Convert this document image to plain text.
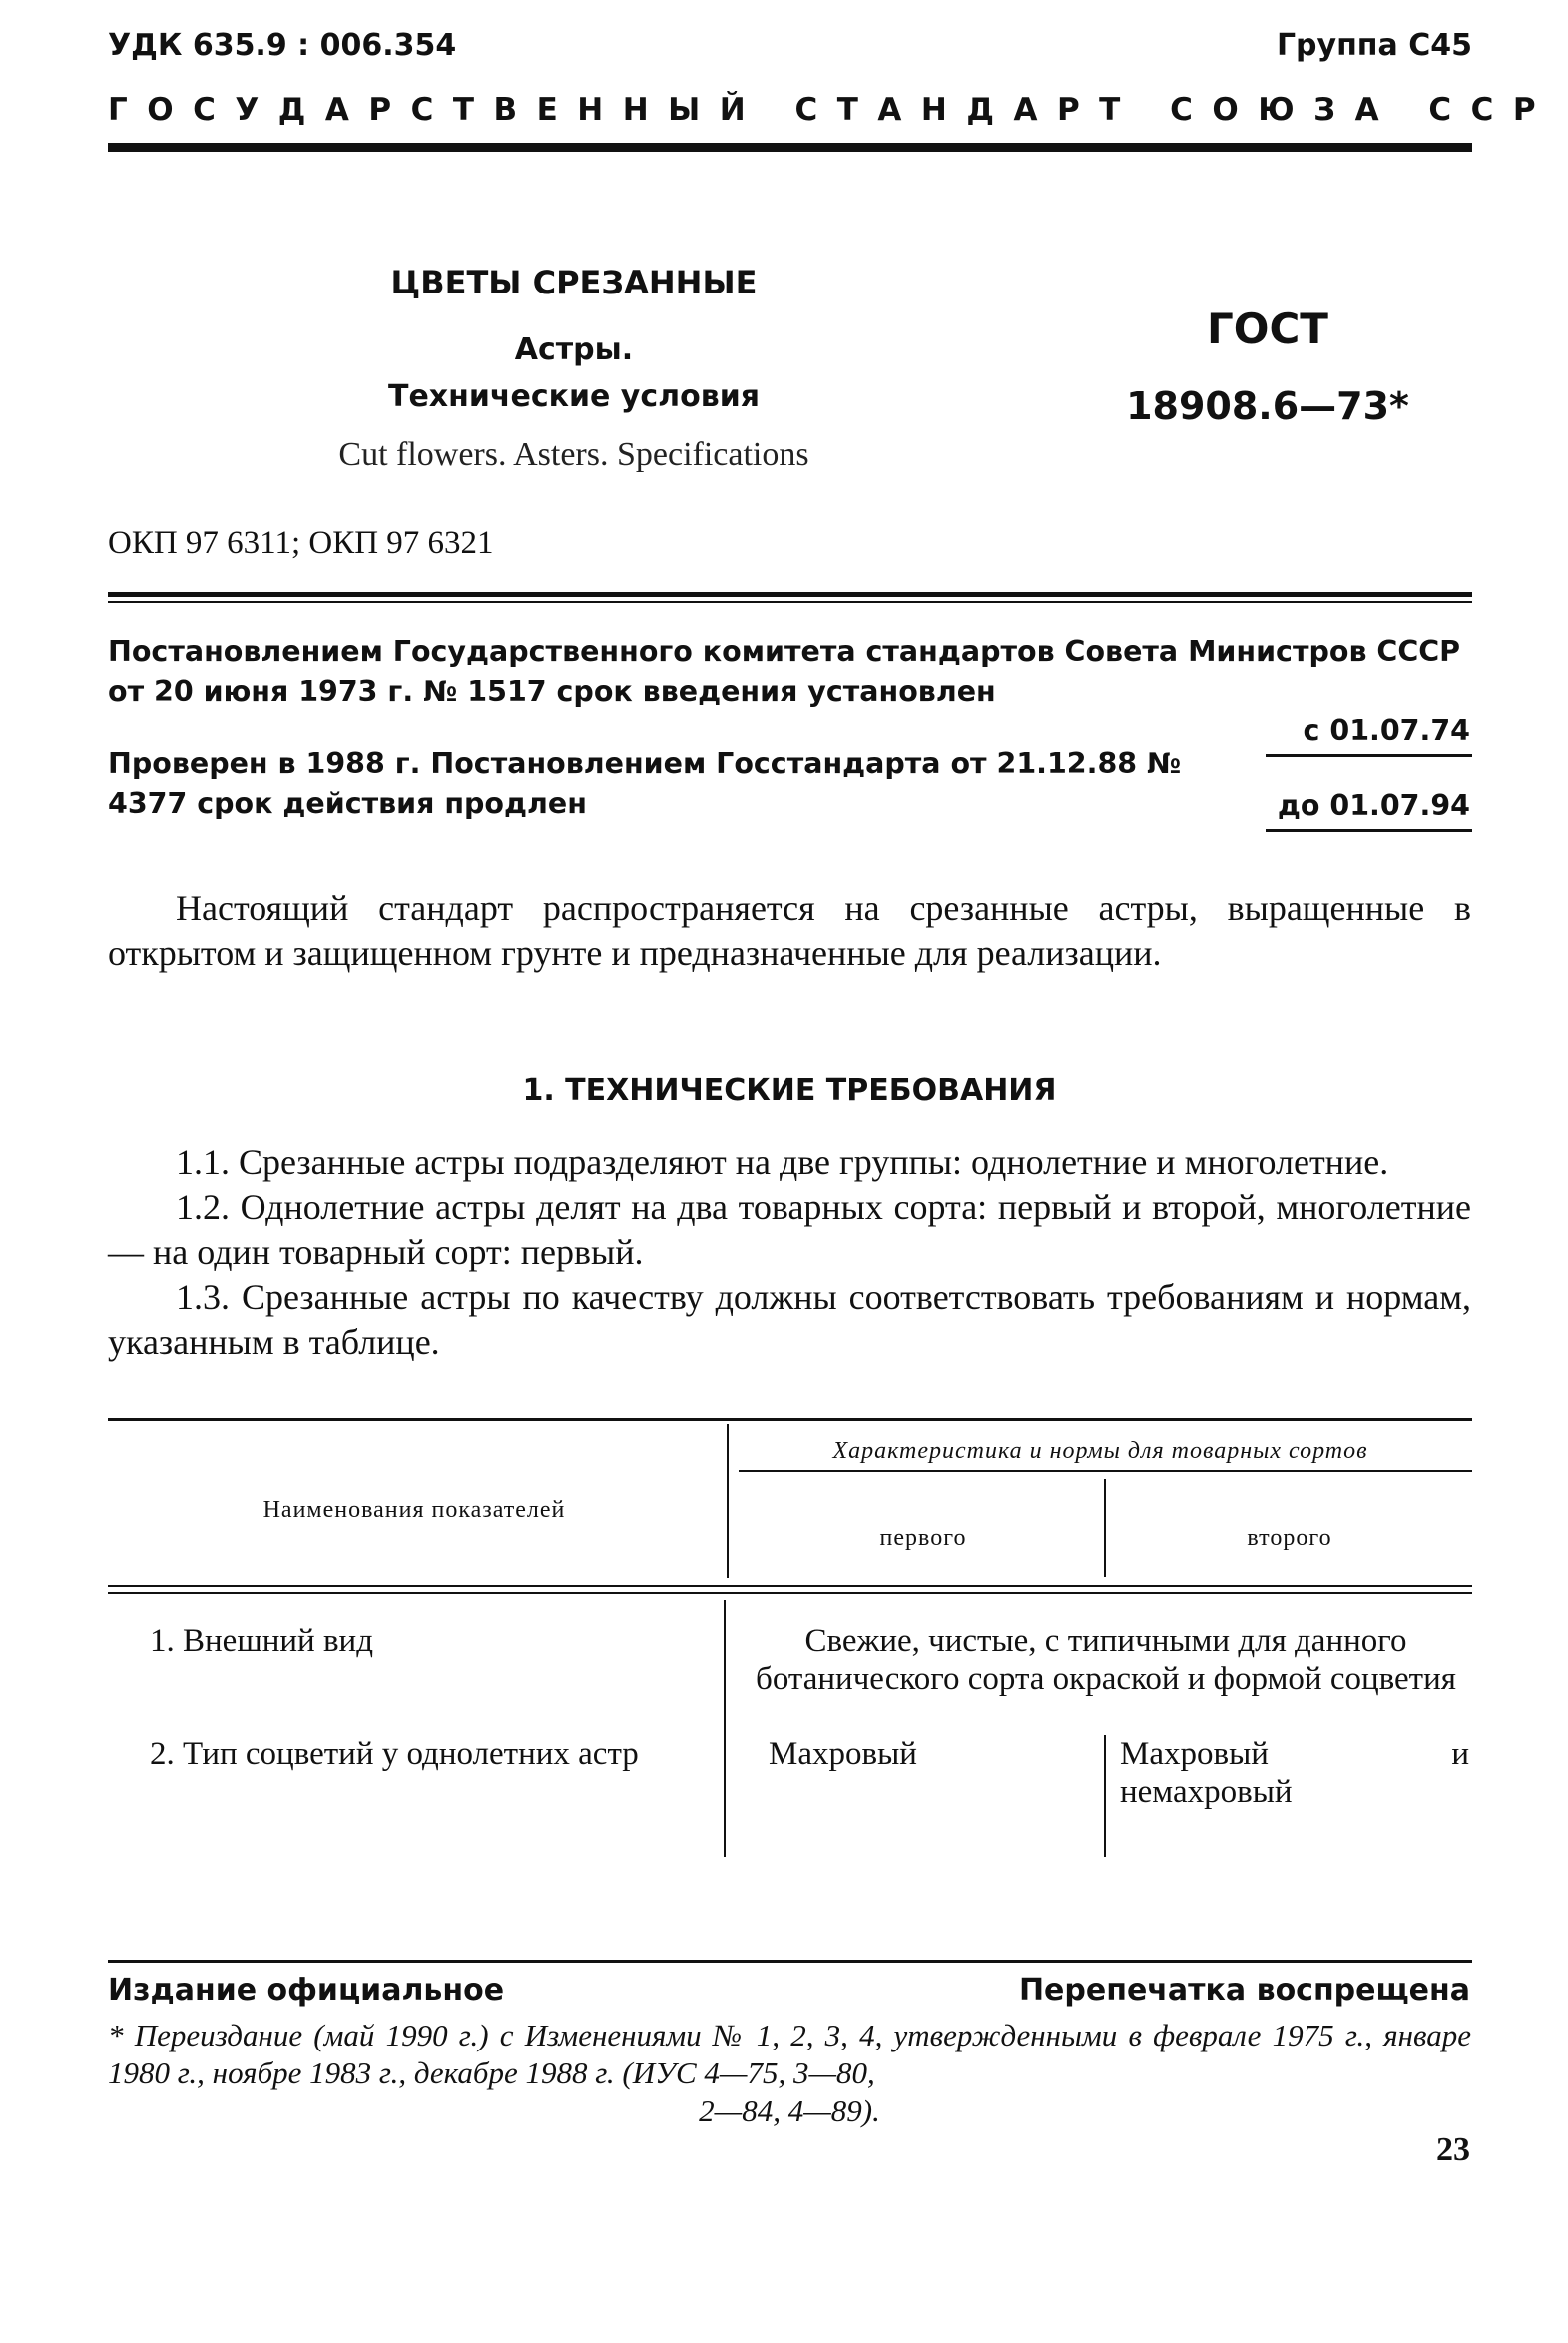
УДК 635.9 : 006.354	Группа С45
ГОСУДАРСТВЕННЫЙ СТАНДАРТ СОЮЗА ССР
ЦВЕТЫ СРЕЗАННЫЕ
Астры.
Технические условия
Cut flowers. Asters. Specifications
ГОСТ
18908.6—73*
ОКП 97 6311; ОКП 97 6321
Постановлением Государственного комитета стандартов Совета Министров СССР от 20 июня 1973 г. № 1517 срок введения установлен
с 01.07.74
Проверен в 1988 г. Постановлением Госстандарта от 21.12.88 № 4377 срок действия продлен	до 01.07.94
Настоящий стандарт распространяется на срезанные астры, выращенные в открытом и защищенном грунте и предназначенные для реализации.
1. ТЕХНИЧЕСКИЕ ТРЕБОВАНИЯ
1.1. Срезанные астры подразделяют на две группы: однолетние и многолетние.
1.2. Однолетние астры делят на два товарных сорта: первый и второй, многолетние — на один товарный сорт: первый.
1.3. Срезанные астры по качеству должны соответствовать требованиям и нормам, указанным в таблице.
Наименования показателей
Характеристика и нормы для товарных сортов
первого	второго
1. Внешний вид	Свежие, чистые, с типичными для данного ботанического сорта окраской и формой соцветия
2. Тип соцветий у однолетних астр	Махровый	Махровый и немахровый
Издание официальное	Перепечатка воспрещена
* Переиздание (май 1990 г.) с Изменениями № 1, 2, 3, 4, утвержденными в феврале 1975 г., январе 1980 г., ноябре 1983 г., декабре 1988 г. (ИУС 4—75, 3—80,
2—84, 4—89).
23
